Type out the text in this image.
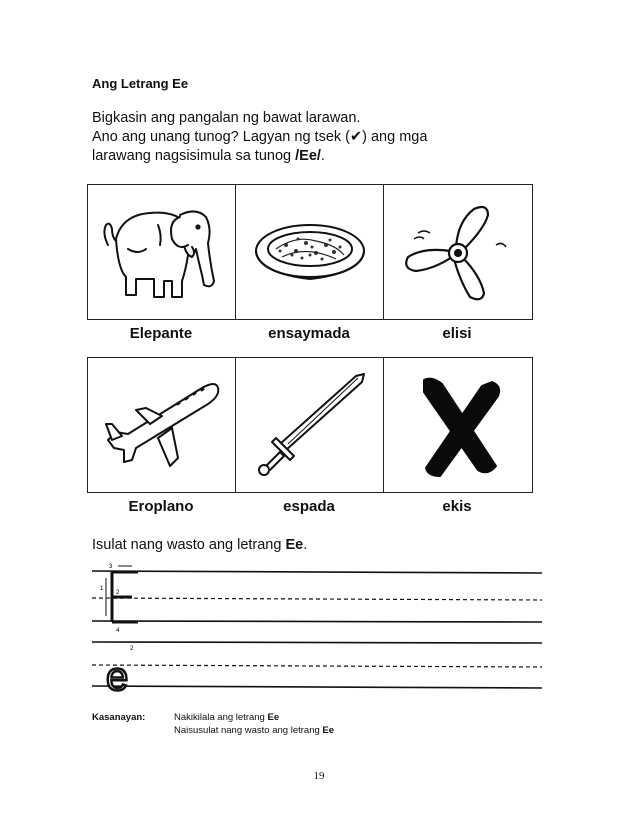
Ang Letrang Ee
Bigkasin ang pangalan ng bawat larawan.
Ano ang unang tunog? Lagyan ng tsek (✔) ang mga
larawang nagsisimula sa tunog /Ee/.
Elepante	ensaymada	elisi
Eroplano	espada	ekis
Isulat nang wasto ang letrang Ee.
3
1
2
4
e
2
Kasanayan:	Nakikilala ang letrang Ee
Naisusulat nang wasto ang letrang Ee
19
